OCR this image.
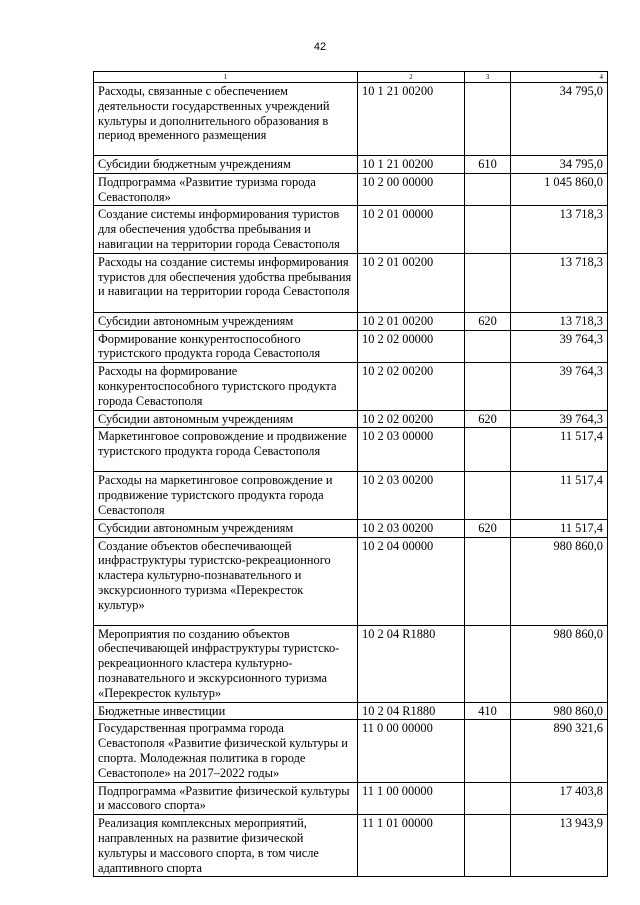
42
1	2	3	4
Расходы, связанные с обеспечением деятельности государственных учреждений культуры и дополнительного образования в период временного размещения	10 1 21 00200		34 795,0
Субсидии бюджетным учреждениям	10 1 21 00200	610	34 795,0
Подпрограмма «Развитие туризма города Севастополя»	10 2 00 00000		1 045 860,0
Создание системы информирования туристов для обеспечения удобства пребывания и навигации на территории города Севастополя	10 2 01 00000		13 718,3
Расходы на создание системы информирования туристов для обеспечения удобства пребывания и навигации на территории города Севастополя	10 2 01 00200		13 718,3
Субсидии автономным учреждениям	10 2 01 00200	620	13 718,3
Формирование конкурентоспособного туристского продукта города Севастополя	10 2 02 00000		39 764,3
Расходы на формирование конкурентоспособного туристского продукта города Севастополя	10 2 02 00200		39 764,3
Субсидии автономным учреждениям	10 2 02 00200	620	39 764,3
Маркетинговое сопровождение и продвижение туристского продукта города Севастополя	10 2 03 00000		11 517,4
Расходы на маркетинговое сопровождение и продвижение туристского продукта города Севастополя	10 2 03 00200		11 517,4
Субсидии автономным учреждениям	10 2 03 00200	620	11 517,4
Создание объектов обеспечивающей инфраструктуры туристско-рекреационного кластера культурно-познавательного и экскурсионного туризма «Перекресток культур»	10 2 04 00000		980 860,0
Мероприятия по созданию объектов обеспечивающей инфраструктуры туристско-рекреационного кластера культурно-познавательного и экскурсионного туризма «Перекресток культур»	10 2 04 R1880		980 860,0
Бюджетные инвестиции	10 2 04 R1880	410	980 860,0
Государственная программа города Севастополя «Развитие физической культуры и спорта. Молодежная политика в городе Севастополе» на 2017–2022 годы»	11 0 00 00000		890 321,6
Подпрограмма «Развитие физической культуры и массового спорта»	11 1 00 00000		17 403,8
Реализация комплексных мероприятий, направленных на развитие физической культуры и массового спорта, в том числе адаптивного спорта	11 1 01 00000		13 943,9
